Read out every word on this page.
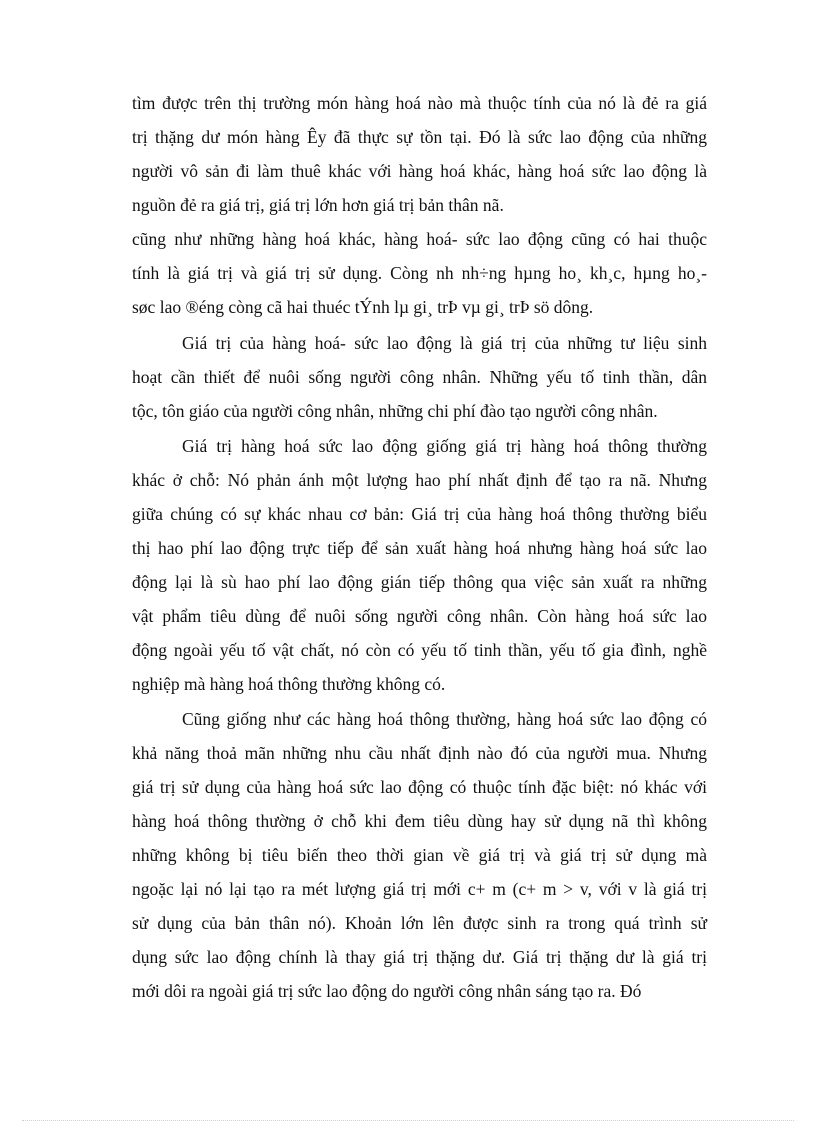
tìm được trên thị trường món hàng hoá nào mà thuộc tính của nó là đẻ ra giá
trị thặng dư món hàng Êy đã thực sự tồn tại. Đó là sức lao động của những
người vô sản đi làm thuê khác với hàng hoá khác, hàng hoá sức lao động là
nguồn đẻ ra giá trị, giá trị lớn hơn giá trị bản thân nã.
cũng như những hàng hoá khác, hàng hoá- sức lao động cũng có hai thuộc
tính là giá trị và giá trị sử dụng. Còng nh nh÷ng hµng ho¸ kh¸c, hµng ho¸-
søc lao ®éng còng cã hai thuéc tÝnh lµ gi¸ trÞ vµ gi¸ trÞ sö dông.
Giá trị của hàng hoá- sức lao động là giá trị của những tư liệu sinh
hoạt cần thiết để nuôi sống người công nhân. Những yếu tố tinh thần, dân
tộc, tôn giáo của người công nhân, những chi phí đào tạo người công nhân.
Giá trị hàng hoá sức lao động giống giá trị hàng hoá thông thường
khác ở chỗ: Nó phản ánh một lượng hao phí nhất định để tạo ra nã. Nhưng
giữa chúng có sự khác nhau cơ bản: Giá trị của hàng hoá thông thường biểu
thị hao phí lao động trực tiếp để sản xuất hàng hoá nhưng hàng hoá sức lao
động lại là sù hao phí lao động gián tiếp thông qua việc sản xuất ra những
vật phẩm tiêu dùng để nuôi sống người công nhân. Còn hàng hoá sức lao
động ngoài yếu tố vật chất, nó còn có yếu tố tinh thần, yếu tố gia đình, nghề
nghiệp mà hàng hoá thông thường không có.
Cũng giống như các hàng hoá thông thường, hàng hoá sức lao động có
khả năng thoả mãn những nhu cầu nhất định nào đó của người mua. Nhưng
giá trị sử dụng của hàng hoá sức lao động có thuộc tính đặc biệt: nó khác với
hàng hoá thông thường ở chỗ khi đem tiêu dùng hay sử dụng nã thì không
những không bị tiêu biến theo thời gian về giá trị và giá trị sử dụng mà
ngoặc lại nó lại tạo ra mét lượng giá trị mới c+ m (c+ m > v, với v là giá trị
sử dụng của bản thân nó). Khoản lớn lên được sinh ra trong quá trình sử
dụng sức lao động chính là thay giá trị thặng dư. Giá trị thặng dư là giá trị
mới dôi ra ngoài giá trị sức lao động do người công nhân sáng tạo ra. Đó
